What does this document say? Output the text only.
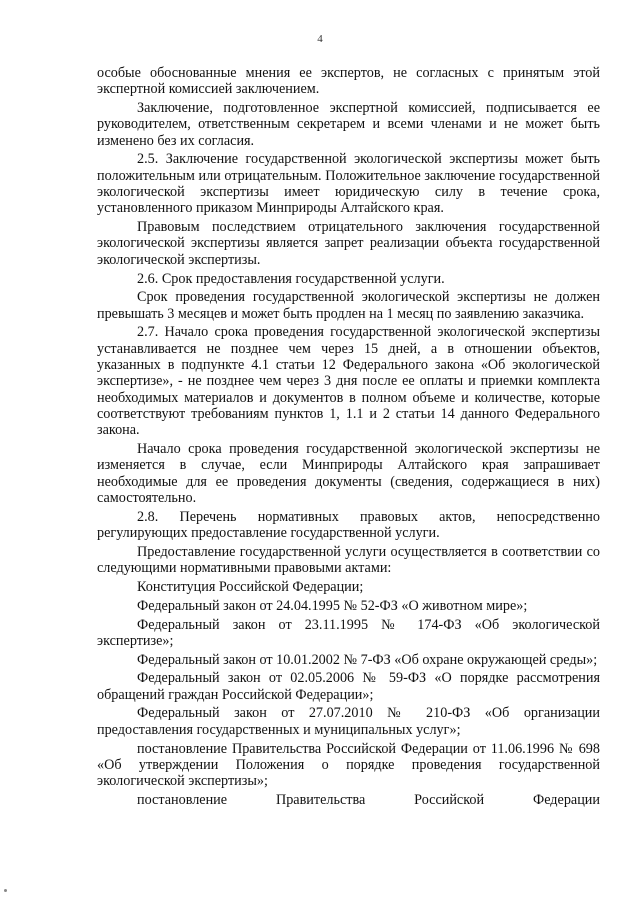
4

особые обоснованные мнения ее экспертов, не согласных с принятым этой экспертной комиссией заключением.

Заключение, подготовленное экспертной комиссией, подписывается ее руководителем, ответственным секретарем и всеми членами и не может быть изменено без их согласия.

2.5. Заключение государственной экологической экспертизы может быть положительным или отрицательным. Положительное заключение государственной экологической экспертизы имеет юридическую силу в течение срока, установленного приказом Минприроды Алтайского края.

Правовым последствием отрицательного заключения государственной экологической экспертизы является запрет реализации объекта государственной экологической экспертизы.

2.6. Срок предоставления государственной услуги.

Срок проведения государственной экологической экспертизы не должен превышать 3 месяцев и может быть продлен на 1 месяц по заявлению заказчика.

2.7. Начало срока проведения государственной экологической экспертизы устанавливается не позднее чем через 15 дней, а в отношении объектов, указанных в подпункте 4.1 статьи 12 Федерального закона «Об экологической экспертизе», - не позднее чем через 3 дня после ее оплаты и приемки комплекта необходимых материалов и документов в полном объеме и количестве, которые соответствуют требованиям пунктов 1, 1.1 и 2 статьи 14 данного Федерального закона.

Начало срока проведения государственной экологической экспертизы не изменяется в случае, если Минприроды Алтайского края запрашивает необходимые для ее проведения документы (сведения, содержащиеся в них) самостоятельно.

2.8. Перечень нормативных правовых актов, непосредственно регулирующих предоставление государственной услуги.

Предоставление государственной услуги осуществляется в соответствии со следующими нормативными правовыми актами:

Конституция Российской Федерации;

Федеральный закон от 24.04.1995 № 52-ФЗ «О животном мире»;

Федеральный закон от 23.11.1995 № 174-ФЗ «Об экологической экспертизе»;

Федеральный закон от 10.01.2002 № 7-ФЗ «Об охране окружающей среды»;

Федеральный закон от 02.05.2006 № 59-ФЗ «О порядке рассмотрения обращений граждан Российской Федерации»;

Федеральный закон от 27.07.2010 № 210-ФЗ «Об организации предоставления государственных и муниципальных услуг»;

постановление Правительства Российской Федерации от 11.06.1996 № 698 «Об утверждении Положения о порядке проведения государственной экологической экспертизы»;

постановление Правительства Российской Федерации
